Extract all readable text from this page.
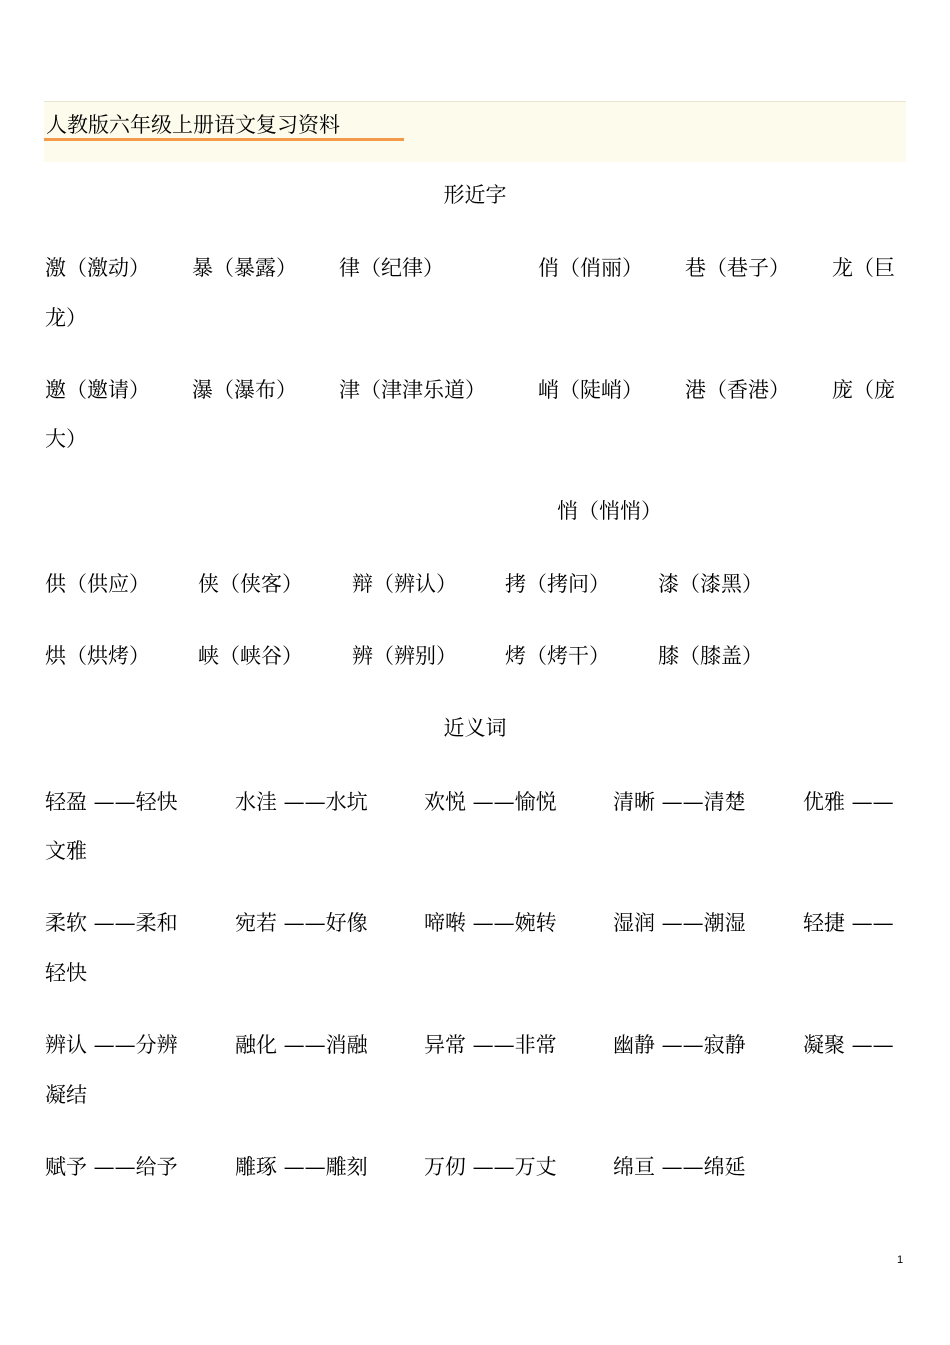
人教版六年级上册语文复习资料
形近字
激（激动） 暴（暴露） 律（纪律）	俏（俏丽） 巷（巷子） 龙（巨
龙）
邀（邀请） 瀑（瀑布） 津（津津乐道） 峭（陡峭） 港（香港） 庞（庞
大）
悄（悄悄）
供（供应） 侠（侠客） 辩（辨认） 拷（拷问） 漆（漆黑）
烘（烘烤） 峡（峡谷） 辨（辨别） 烤（烤干） 膝（膝盖）
近义词
轻盈 ——轻快	水洼 ——水坑	欢悦 ——愉悦	清晰 ——清楚	优雅 ——
文雅
柔软 ——柔和	宛若 ——好像	啼啭 ——婉转	湿润 ——潮湿	轻捷 ——
轻快
辨认 ——分辨	融化 ——消融	异常 ——非常	幽静 ——寂静	凝聚 ——
凝结
赋予 ——给予	雕琢 ——雕刻	万仞 ——万丈	绵亘 ——绵延
1
